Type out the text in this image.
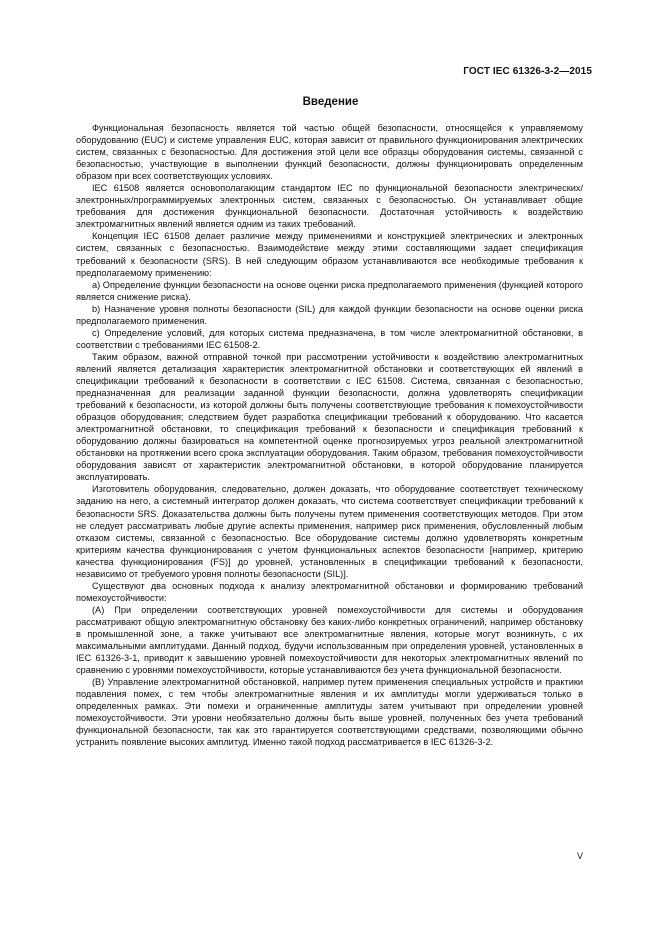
ГОСТ IEC 61326-3-2—2015
Введение

Функциональная безопасность является той частью общей безопасности, относящейся к управляемому оборудованию (EUC) и системе управления EUC, которая зависит от правильного функционирования электрических систем, связанных с безопасностью. Для достижения этой цели все образцы оборудования системы, связанной с безопасностью, участвующие в выполнении функций безопасности, должны функционировать определенным образом при всех соответствующих условиях.

IEC 61508 является основополагающим стандартом IEC по функциональной безопасности электрических/электронных/программируемых электронных систем, связанных с безопасностью. Он устанавливает общие требования для достижения функциональной безопасности. Достаточная устойчивость к воздействию электромагнитных явлений является одним из таких требований.

Концепция IEC 61508 делает различие между применениями и конструкцией электрических и электронных систем, связанных с безопасностью. Взаимодействие между этими составляющими задает спецификация требований к безопасности (SRS). В ней следующим образом устанавливаются все необходимые требования к предполагаемому применению:

a) Определение функции безопасности на основе оценки риска предполагаемого применения (функцией которого является снижение риска).

b) Назначение уровня полноты безопасности (SIL) для каждой функции безопасности на основе оценки риска предполагаемого применения.

c) Определение условий, для которых система предназначена, в том числе электромагнитной обстановки, в соответствии с требованиями IEC 61508-2.

Таким образом, важной отправной точкой при рассмотрении устойчивости к воздействию электромагнитных явлений является детализация характеристик электромагнитной обстановки и соответствующих ей явлений в спецификации требований к безопасности в соответствии с IEC 61508. Система, связанная с безопасностью, предназначенная для реализации заданной функции безопасности, должна удовлетворять спецификации требований к безопасности, из которой должны быть получены соответствующие требования к помехоустойчивости образцов оборудования; следствием будет разработка спецификации требований к оборудованию. Что касается электромагнитной обстановки, то спецификация требований к безопасности и спецификация требований к оборудованию должны базироваться на компетентной оценке прогнозируемых угроз реальной электромагнитной обстановки на протяжении всего срока эксплуатации оборудования. Таким образом, требования помехоустойчивости оборудования зависят от характеристик электромагнитной обстановки, в которой оборудование планируется эксплуатировать.

Изготовитель оборудования, следовательно, должен доказать, что оборудование соответствует техническому заданию на него, а системный интегратор должен доказать, что система соответствует спецификации требований к безопасности SRS. Доказательства должны быть получены путем применения соответствующих методов. При этом не следует рассматривать любые другие аспекты применения, например риск применения, обусловленный любым отказом системы, связанной с безопасностью. Все оборудование системы должно удовлетворять конкретным критериям качества функционирования с учетом функциональных аспектов безопасности [например, критерию качества функционирования (FS)] до уровней, установленных в спецификации требований к безопасности, независимо от требуемого уровня полноты безопасности (SIL)].

Существуют два основных подхода к анализу электромагнитной обстановки и формированию требований помехоустойчивости:

(А) При определении соответствующих уровней помехоустойчивости для системы и оборудования рассматривают общую электромагнитную обстановку без каких-либо конкретных ограничений, например обстановку в промышленной зоне, а также учитывают все электромагнитные явления, которые могут возникнуть, с их максимальными амплитудами. Данный подход, будучи использованным при определения уровней, установленных в IEC 61326-3-1, приводит к завышению уровней помехоустойчивости для некоторых электромагнитных явлений по сравнению с уровнями помехоустойчивости, которые устанавливаются без учета функциональной безопасности.

(В) Управление электромагнитной обстановкой, например путем применения специальных устройств и практики подавления помех, с тем чтобы электромагнитные явления и их амплитуды могли удерживаться только в определенных рамках. Эти помехи и ограниченные амплитуды затем учитывают при определении уровней помехоустойчивости. Эти уровни необязательно должны быть выше уровней, полученных без учета требований функциональной безопасности, так как это гарантируется соответствующими средствами, позволяющими обычно устранить появление высоких амплитуд. Именно такой подход рассматривается в IEC 61326-3-2.

V
